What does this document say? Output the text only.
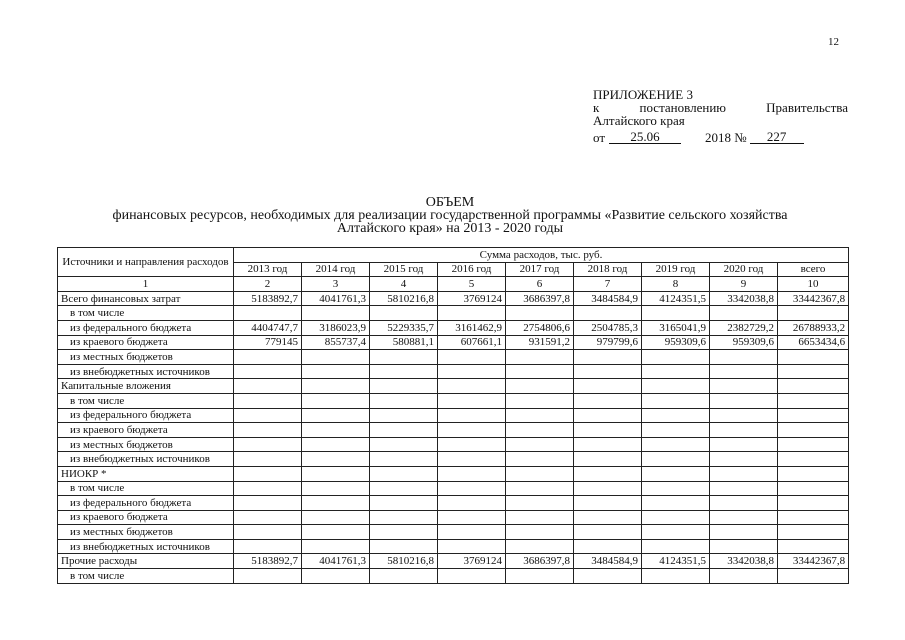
12
ПРИЛОЖЕНИЕ 3
к	постановлению	Правительства
Алтайского края
от	25.06	2018 №	227
ОБЪЕМ
финансовых ресурсов, необходимых для реализации государственной программы «Развитие сельского хозяйства
Алтайского края» на 2013 - 2020 годы
Источники и направления расходов	Сумма расходов, тыс. руб.								
	2013 год	2014 год	2015 год	2016 год	2017 год	2018 год	2019 год	2020 год	всего
1	2	3	4	5	6	7	8	9	10
Всего финансовых затрат	5183892,7	4041761,3	5810216,8	3769124	3686397,8	3484584,9	4124351,5	3342038,8	33442367,8
в том числе									
из федерального бюджета	4404747,7	3186023,9	5229335,7	3161462,9	2754806,6	2504785,3	3165041,9	2382729,2	26788933,2
из краевого бюджета	779145	855737,4	580881,1	607661,1	931591,2	979799,6	959309,6	959309,6	6653434,6
из местных бюджетов									
из внебюджетных источников									
Капитальные вложения									
в том числе									
из федерального бюджета									
из краевого бюджета									
из местных бюджетов									
из внебюджетных источников									
НИОКР *									
в том числе									
из федерального бюджета									
из краевого бюджета									
из местных бюджетов									
из внебюджетных источников									
Прочие расходы	5183892,7	4041761,3	5810216,8	3769124	3686397,8	3484584,9	4124351,5	3342038,8	33442367,8
в том числе									
